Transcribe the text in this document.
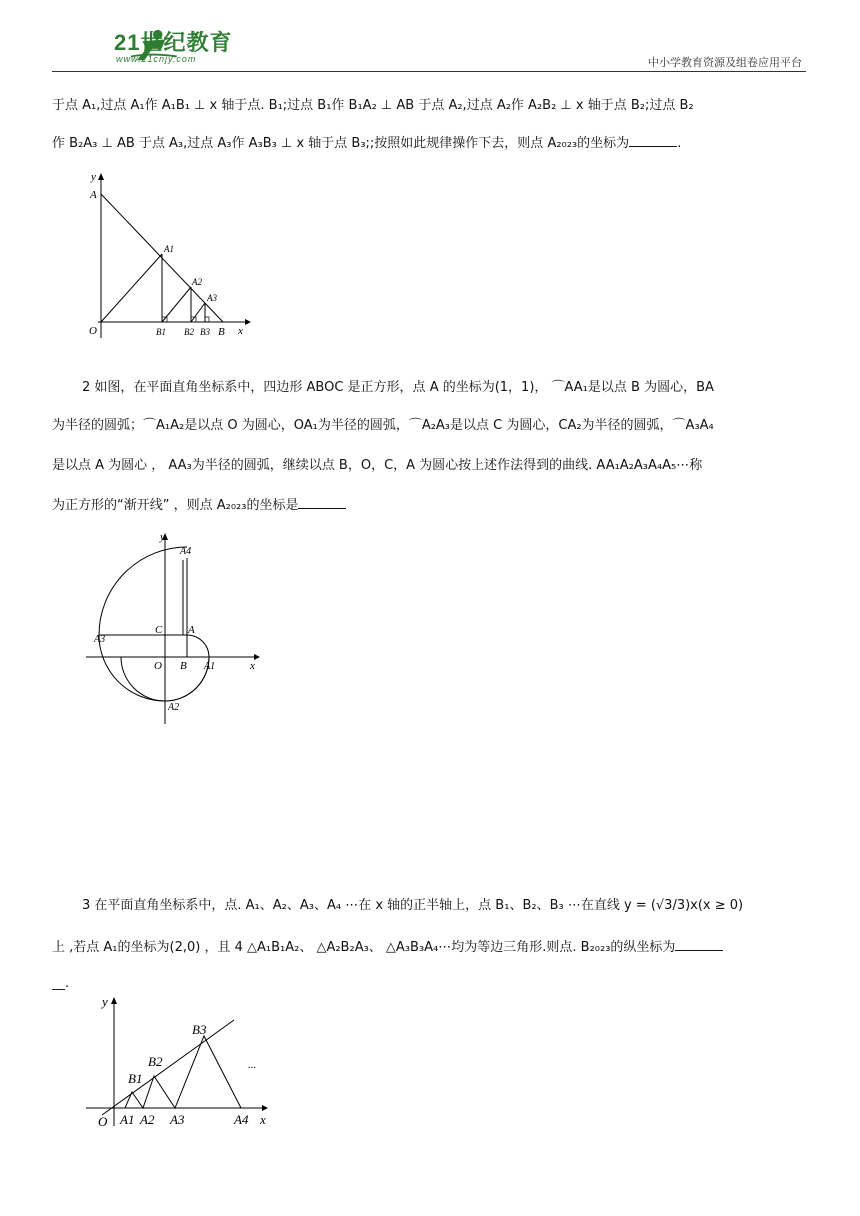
21世纪教育
www.21cnjy.com	中小学教育资源及组卷应用平台
于点 A₁,过点 A₁作 A₁B₁ ⊥ x 轴于点. B₁;过点 B₁作 B₁A₂ ⊥ AB 于点 A₂,过点 A₂作 A₂B₂ ⊥ x 轴于点 B₂;过点 B₂
作 B₂A₃ ⊥ AB 于点 A₃,过点 A₃作 A₃B₃ ⊥ x 轴于点 B₃;;按照如此规律操作下去，则点 A₂₀₂₃的坐标为	.
y
A
A1
A2
A3
O	B1 B2 B3 B x
2 如图，在平面直角坐标系中，四边形 ABOC 是正方形，点 A 的坐标为(1，1)， ⌒AA₁是以点 B 为圆心，BA
为半径的圆弧；⌒A₁A₂是以点 O 为圆心，OA₁为半径的圆弧，⌒A₂A₃是以点 C 为圆心，CA₂为半径的圆弧，⌒A₃A₄
是以点 A 为圆心 ， AA₃为半径的圆弧，继续以点 B，O，C，A 为圆心按上述作法得到的曲线. AA₁A₂A₃A₄A₅⋯称
为正方形的“渐开线” ，则点 A₂₀₂₃的坐标是
y
A4
A3
C A
O B A1	x
A2
3 在平面直角坐标系中，点. A₁、A₂、A₃、A₄ ⋯在 x 轴的正半轴上，点 B₁、B₂、B₃ ⋯在直线 y = (√3/3)x(x ≥ 0)
上 ,若点 A₁的坐标为(2,0) ，且 4 △A₁B₁A₂、 △A₂B₂A₃、 △A₃B₃A₄⋯均为等边三角形.则点. B₂₀₂₃的纵坐标为
__.
y
B3
B2
B1
...
O A1 A2 A3	A4 x
